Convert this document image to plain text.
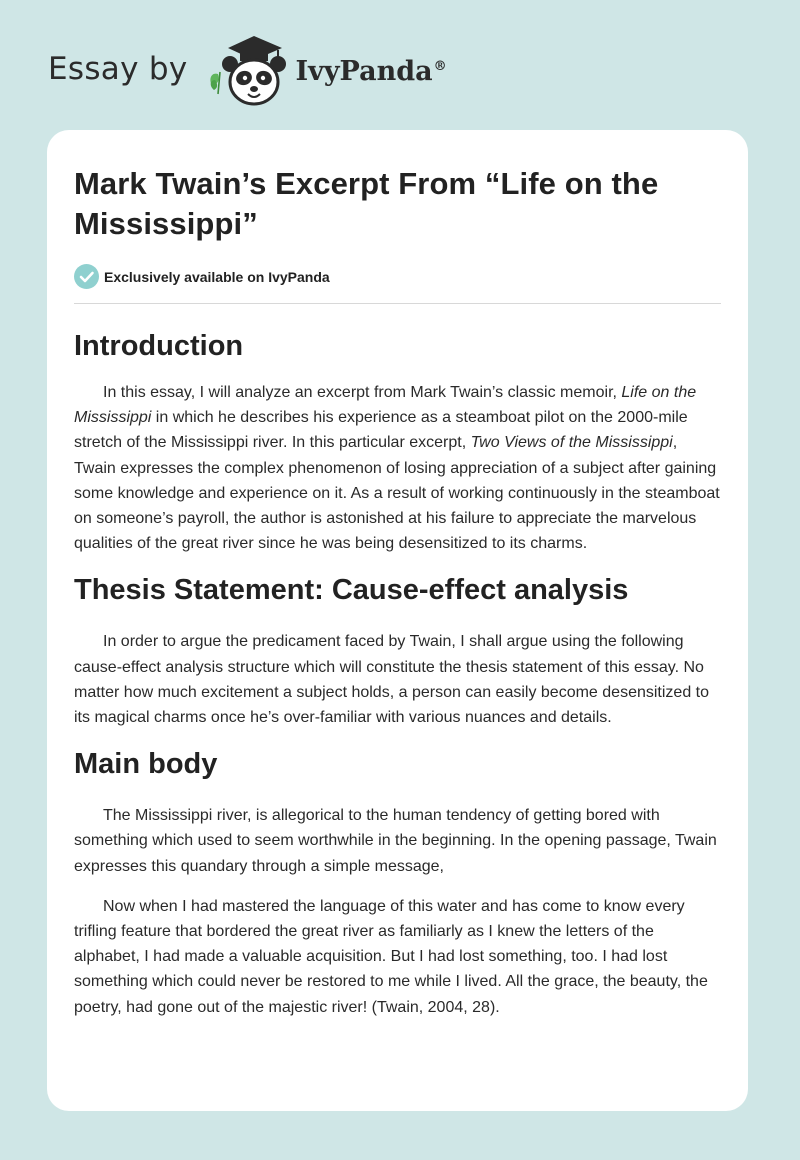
Essay by	IvyPanda®
Mark Twain’s Excerpt From “Life on the Mississippi”
Exclusively available on IvyPanda
Introduction

In this essay, I will analyze an excerpt from Mark Twain’s classic memoir, Life on the Mississippi in which he describes his experience as a steamboat pilot on the 2000-mile stretch of the Mississippi river. In this particular excerpt, Two Views of the Mississippi, Twain expresses the complex phenomenon of losing appreciation of a subject after gaining some knowledge and experience on it. As a result of working continuously in the steamboat on someone’s payroll, the author is astonished at his failure to appreciate the marvelous qualities of the great river since he was being desensitized to its charms.

Thesis Statement: Cause-effect analysis

In order to argue the predicament faced by Twain, I shall argue using the following cause-effect analysis structure which will constitute the thesis statement of this essay. No matter how much excitement a subject holds, a person can easily become desensitized to its magical charms once he’s over-familiar with various nuances and details.

Main body

The Mississippi river, is allegorical to the human tendency of getting bored with something which used to seem worthwhile in the beginning. In the opening passage, Twain expresses this quandary through a simple message,

Now when I had mastered the language of this water and has come to know every trifling feature that bordered the great river as familiarly as I knew the letters of the alphabet, I had made a valuable acquisition. But I had lost something, too. I had lost something which could never be restored to me while I lived. All the grace, the beauty, the poetry, had gone out of the majestic river! (Twain, 2004, 28).
